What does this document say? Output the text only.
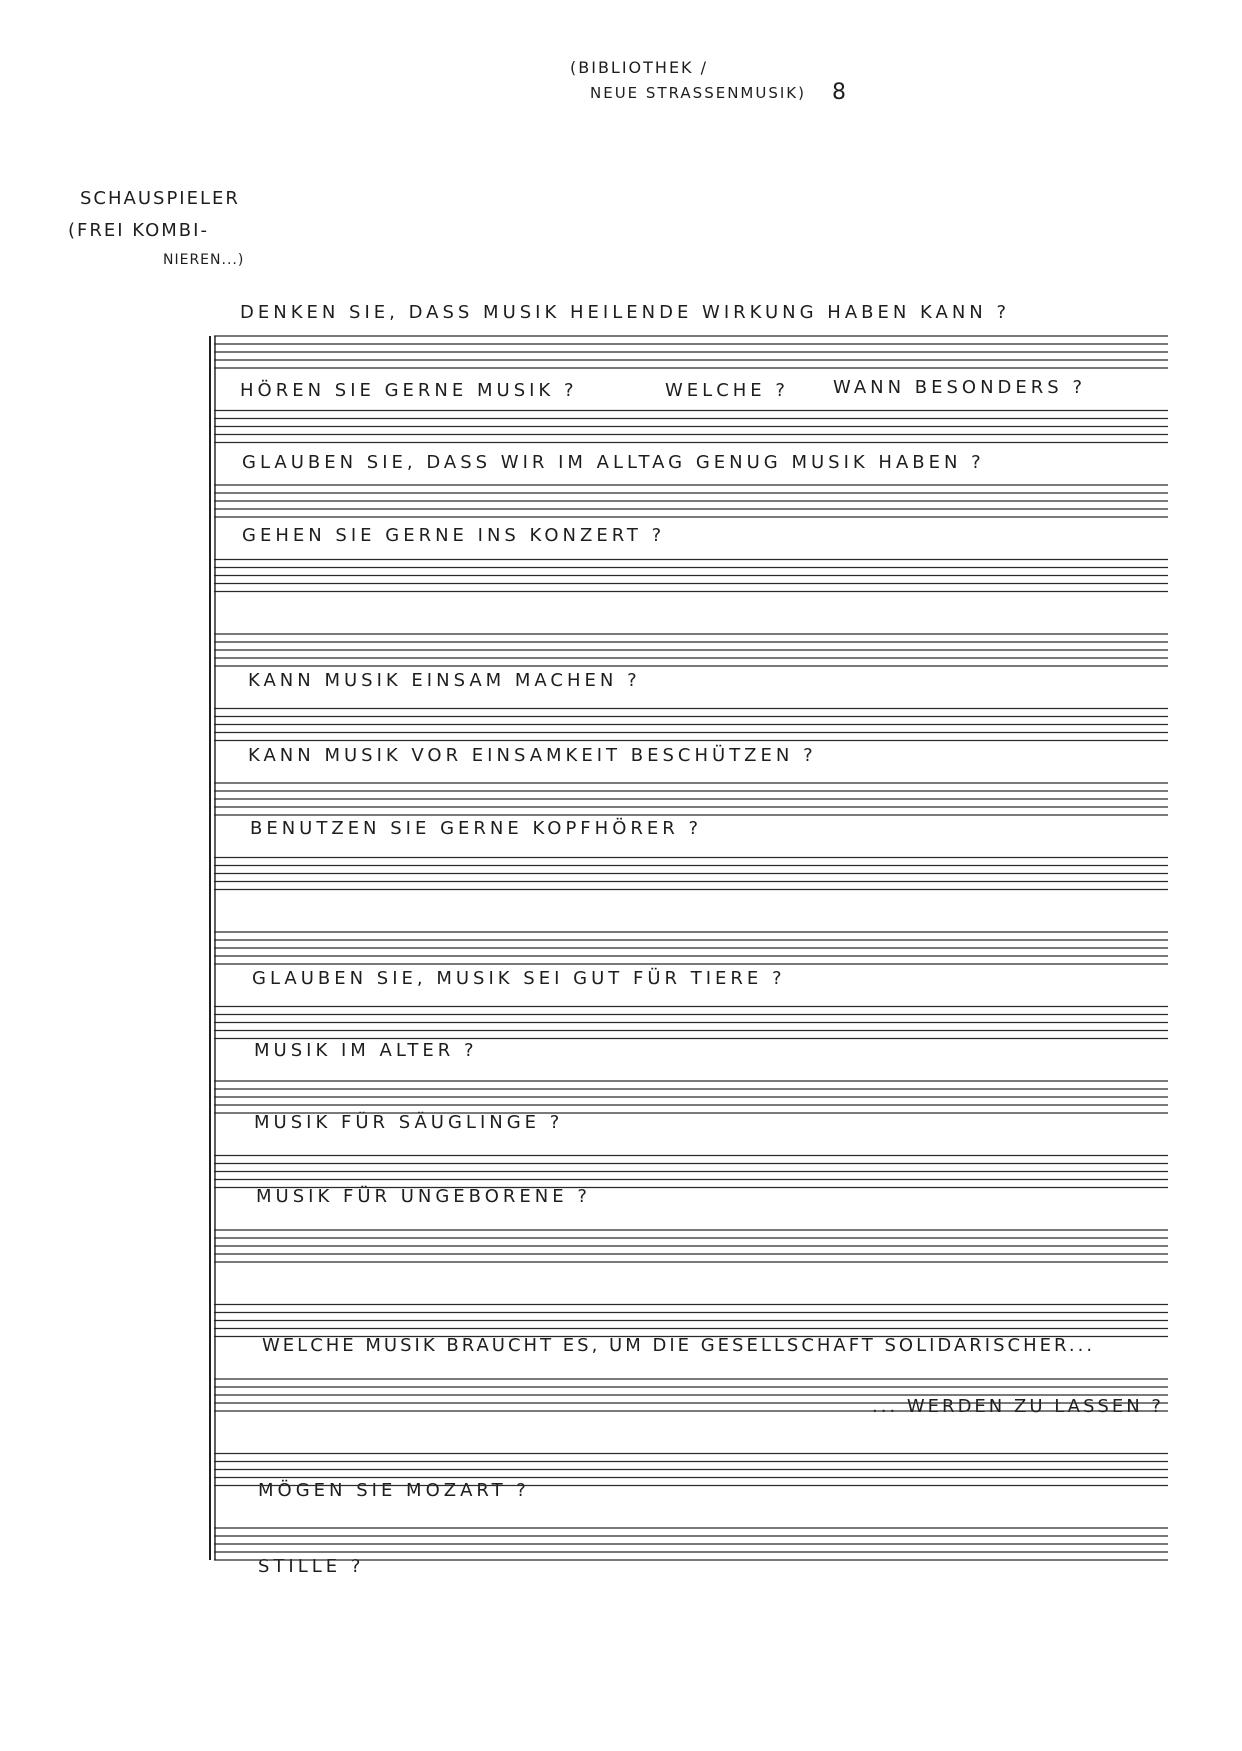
(BIBLIOTHEK /
NEUE STRASSENMUSIK) 8
SCHAUSPIELER
(FREI KOMBI-
NIEREN...)
DENKEN SIE, DASS MUSIK HEILENDE WIRKUNG HABEN KANN ?
HÖREN SIE GERNE MUSIK ?	WELCHE ? WANN BESONDERS ?
GLAUBEN SIE, DASS WIR IM ALLTAG GENUG MUSIK HABEN ?
GEHEN SIE GERNE INS KONZERT ?
KANN MUSIK EINSAM MACHEN ?
KANN MUSIK VOR EINSAMKEIT BESCHÜTZEN ?
BENUTZEN SIE GERNE KOPFHÖRER ?
GLAUBEN SIE, MUSIK SEI GUT FÜR TIERE ?
MUSIK IM ALTER ?
MUSIK FÜR SÄUGLINGE ?
MUSIK FÜR UNGEBORENE ?
WELCHE MUSIK BRAUCHT ES, UM DIE GESELLSCHAFT SOLIDARISCHER...
... WERDEN ZU LASSEN ?
MÖGEN SIE MOZART ?
STILLE ?
